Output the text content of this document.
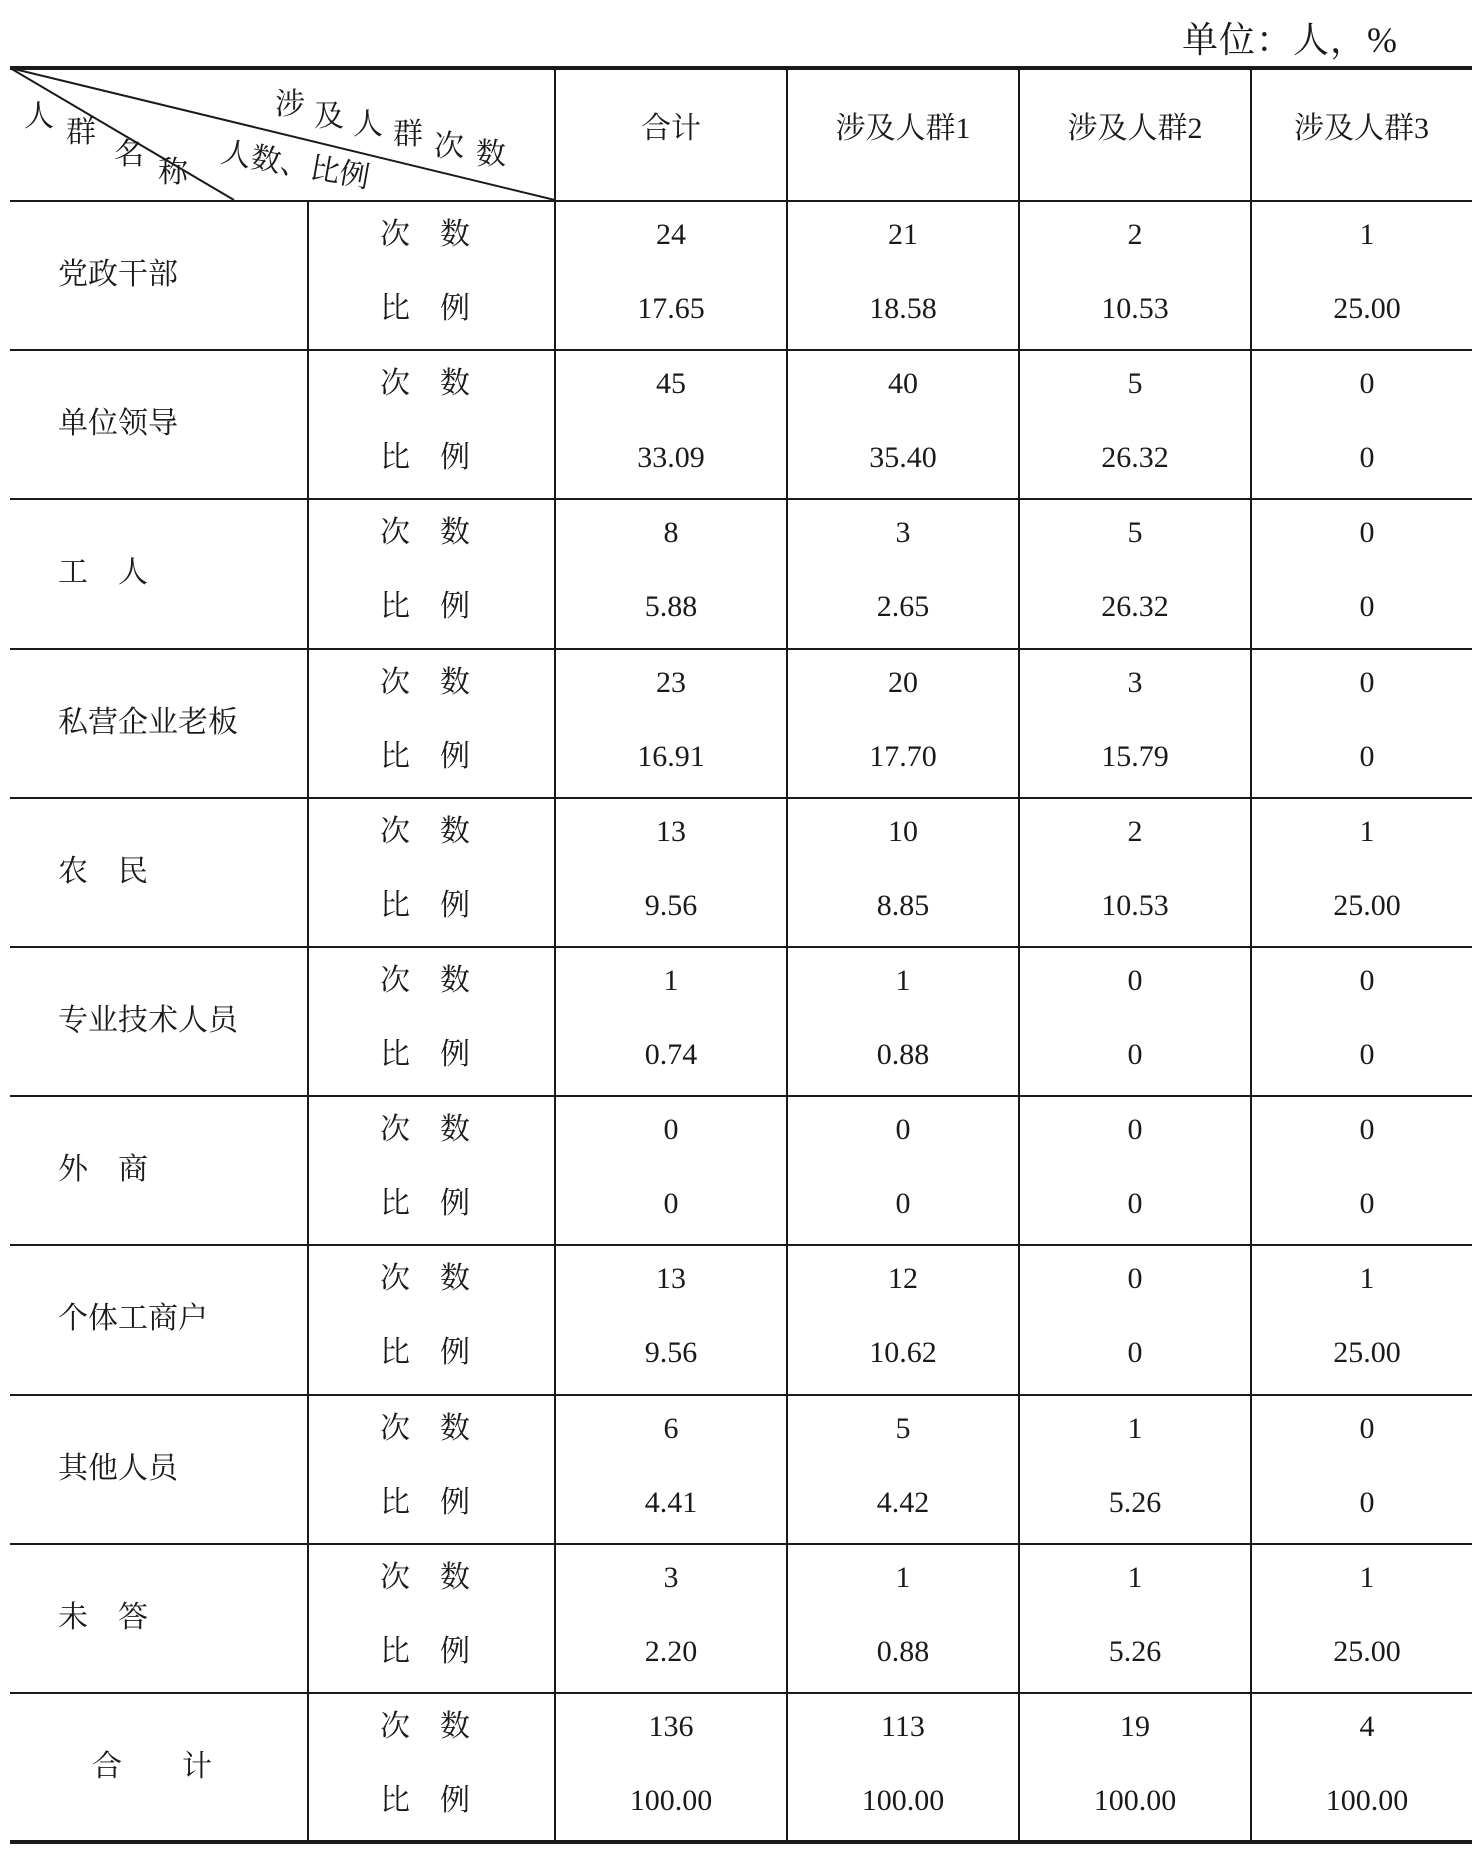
单位：人，%
涉 及 人 群 次 数
人数、比例
人 群
名
称
合计	涉及人群1	涉及人群2	涉及人群3
党政干部
次　数	24	21	2	1
比　例	17.65	18.58	10.53	25.00
单位领导
次　数	45	40	5	0
比　例	33.09	35.40	26.32	0
工　人
次　数	8	3	5	0
比　例	5.88	2.65	26.32	0
私营企业老板
次　数	23	20	3	0
比　例	16.91	17.70	15.79	0
农　民
次　数	13	10	2	1
比　例	9.56	8.85	10.53	25.00
专业技术人员
次　数	1	1	0	0
比　例	0.74	0.88	0	0
外　商
次　数	0	0	0	0
比　例	0	0	0	0
个体工商户
次　数	13	12	0	1
比　例	9.56	10.62	0	25.00
其他人员
次　数	6	5	1	0
比　例	4.41	4.42	5.26	0
未　答
次　数	3	1	1	1
比　例	2.20	0.88	5.26	25.00
合　　计
次　数	136	113	19	4
比　例	100.00	100.00	100.00	100.00
